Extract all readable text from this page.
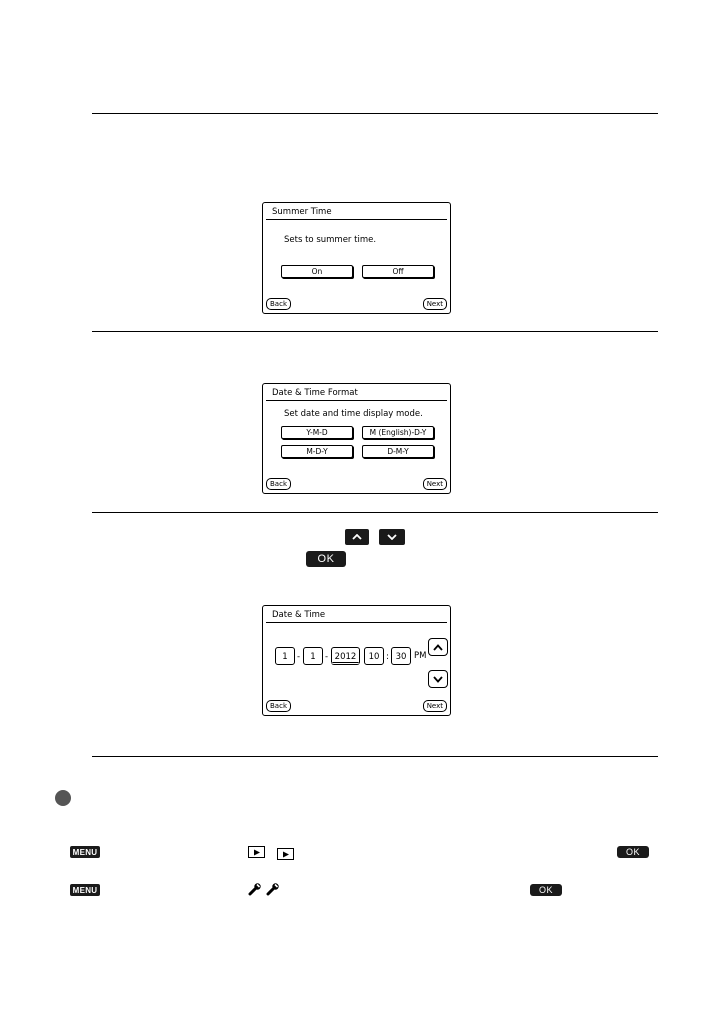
Summer Time
Sets to summer time.
On	Off
Back	Next
Date & Time Format
Set date and time display mode.
Y-M-D	M (English)-D-Y
M-D-Y	D-M-Y
Back	Next
OK
Date & Time
1	-	1	- 2012	10 : 30 PM
Back	Next
MENU	OK
MENU	OK
